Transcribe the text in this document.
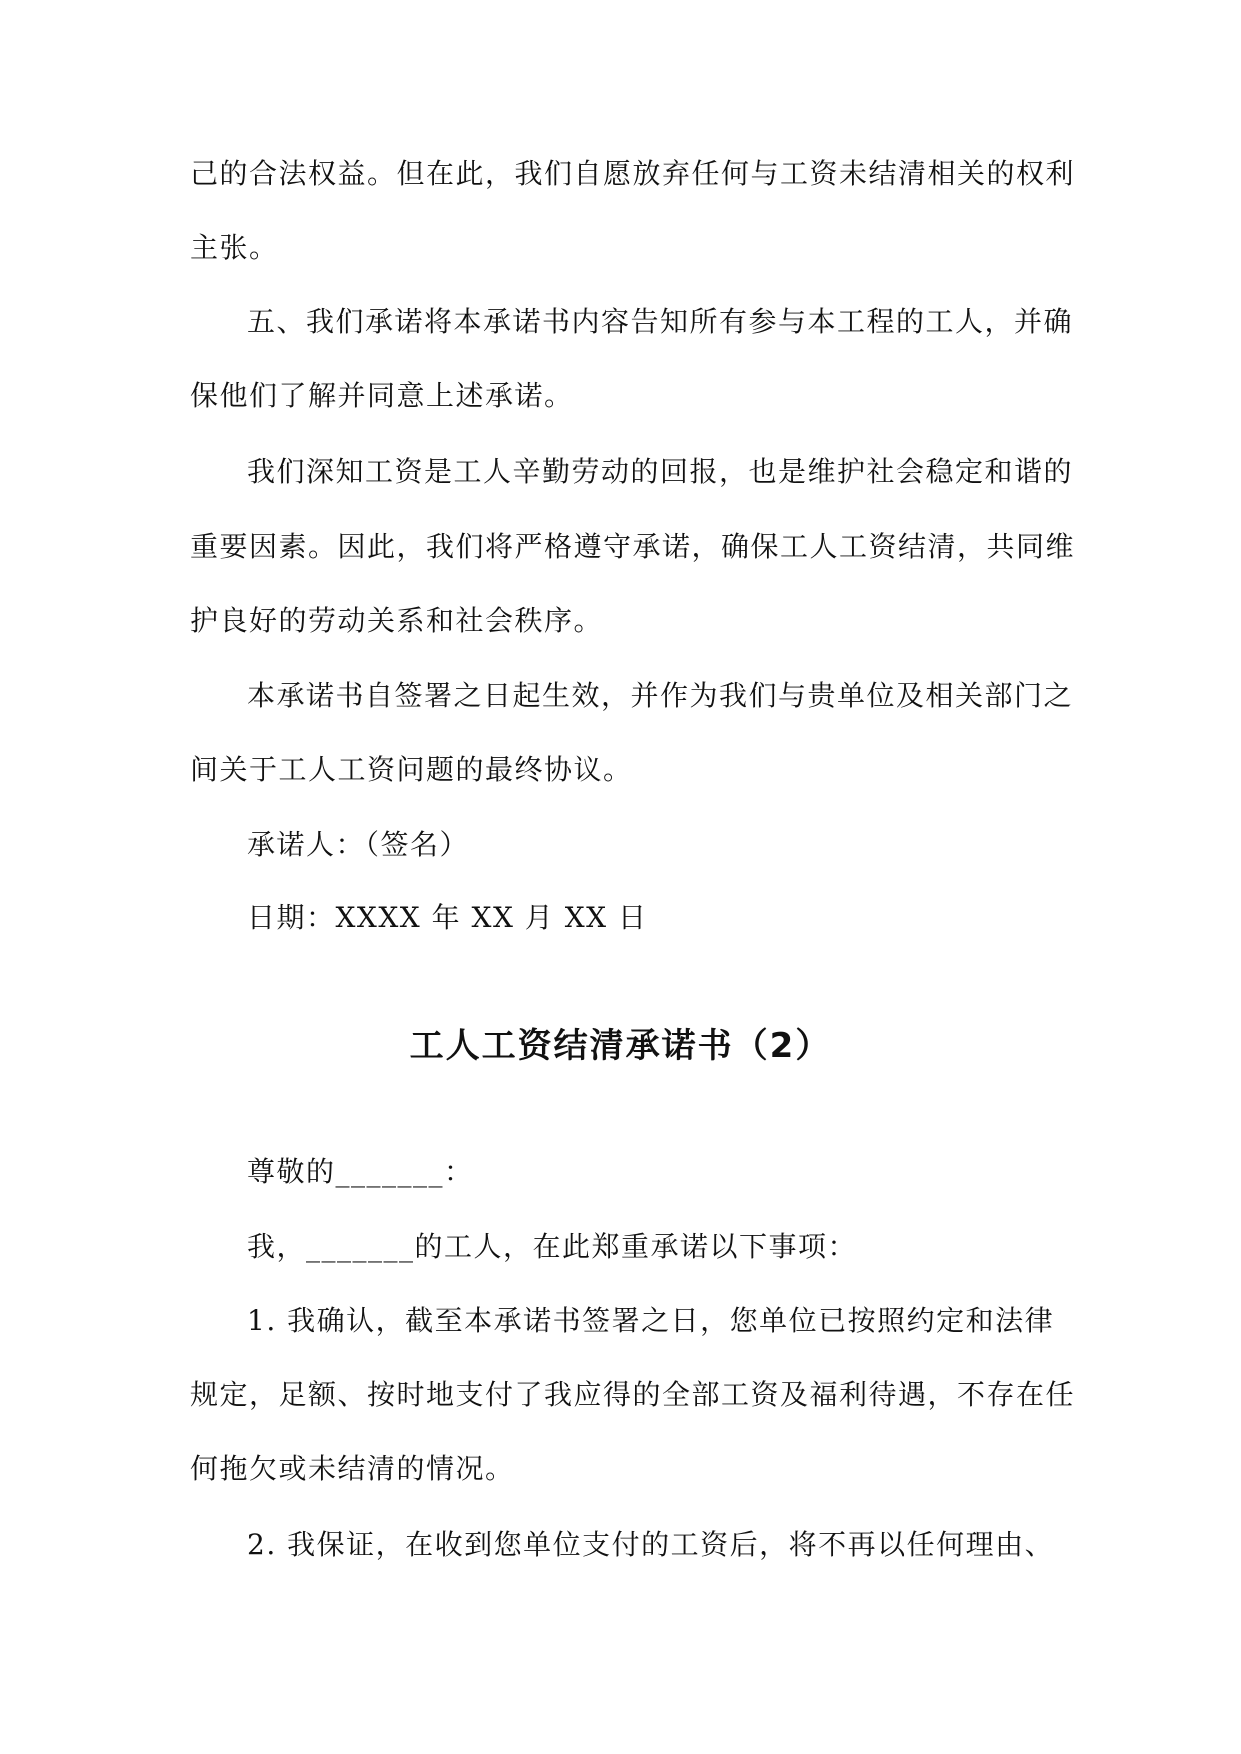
己的合法权益。但在此，我们自愿放弃任何与工资未结清相关的权利
主张。
五、我们承诺将本承诺书内容告知所有参与本工程的工人，并确
保他们了解并同意上述承诺。
我们深知工资是工人辛勤劳动的回报，也是维护社会稳定和谐的
重要因素。因此，我们将严格遵守承诺，确保工人工资结清，共同维
护良好的劳动关系和社会秩序。
本承诺书自签署之日起生效，并作为我们与贵单位及相关部门之
间关于工人工资问题的最终协议。
承诺人：（签名）
日期：XXXX 年 XX 月 XX 日
工人工资结清承诺书（2）
尊敬的_______：
我，_______的工人，在此郑重承诺以下事项：
1. 我确认，截至本承诺书签署之日，您单位已按照约定和法律
规定，足额、按时地支付了我应得的全部工资及福利待遇，不存在任
何拖欠或未结清的情况。
2. 我保证，在收到您单位支付的工资后，将不再以任何理由、
